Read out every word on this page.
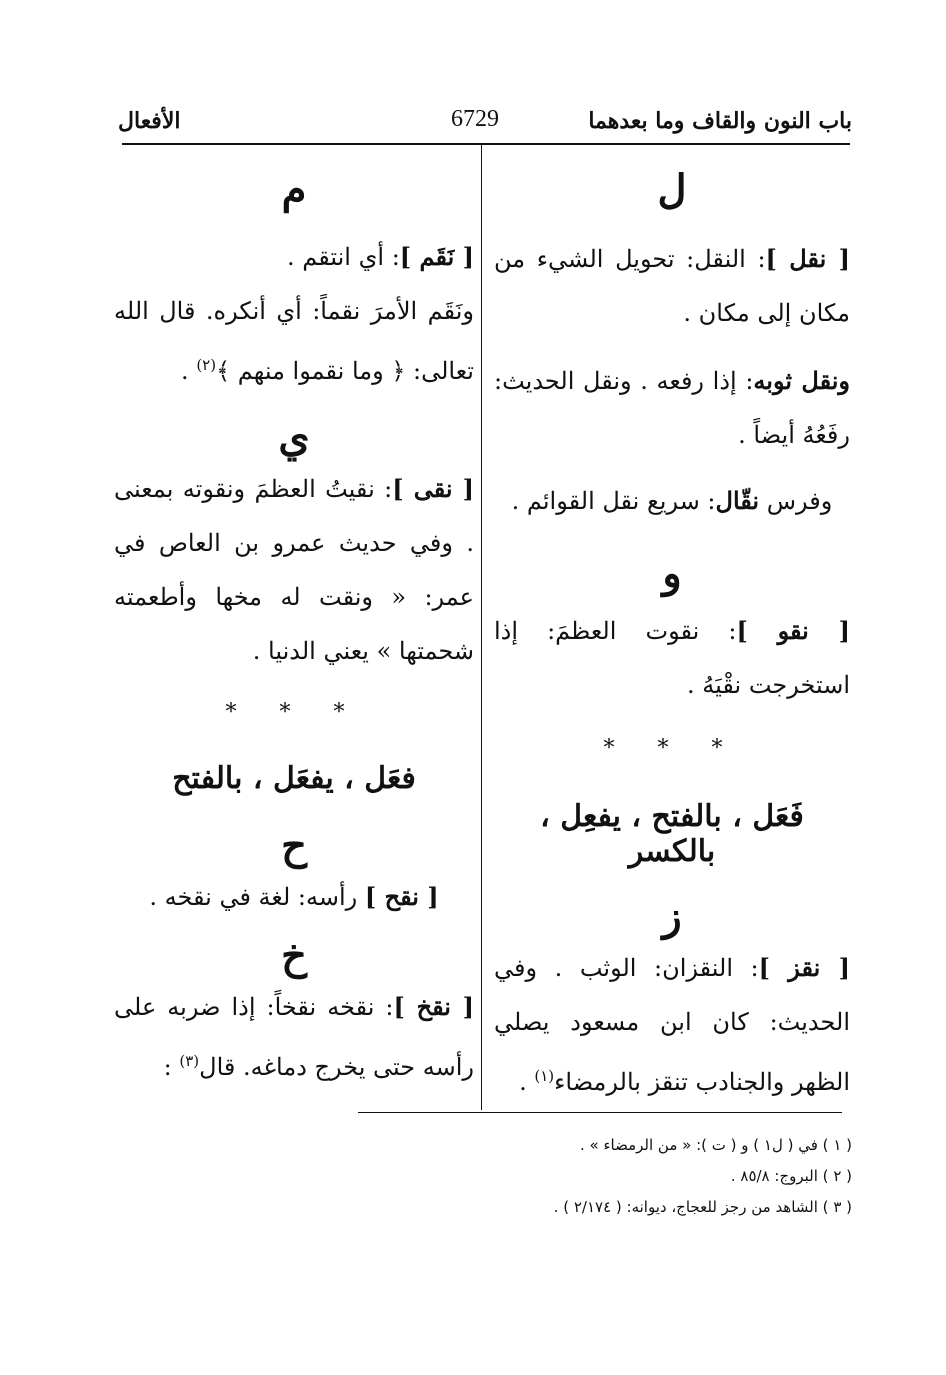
باب النون والقاف وما بعدهما
6729
الأفعال

ل

[ نقل ]: النقل: تحويل الشيء من مكان إلى مكان .

ونقل ثوبه: إذا رفعه . ونقل الحديث: رفَعُهُ أيضاً .

وفرس نقّال: سريع نقل القوائم .

و

[ نقو ]: نقوت العظمَ: إذا استخرجت نقْيَهُ .

* * *

فَعَل ، بالفتح ، يفعِل ، بالكسر

ز

[ نقز ]: النقزان: الوثب . وفي الحديث: كان ابن مسعود يصلي الظهر والجنادب تنقز بالرمضاء$^{(١)}$ .

م

[ نَقَم ]: أي انتقم .

ونَقَم الأمرَ نقماً: أي أنكره. قال الله تعالى: ﴿ وما نقموا منهم ﴾$^{(٢)}$ .

ي

[ نقى ]: نقيتُ العظمَ ونقوته بمعنى . وفي حديث عمرو بن العاص في عمر: « ونقت له مخها وأطعمته شحمتها » يعني الدنيا .

* * *

فعَل ، يفعَل ، بالفتح

ح

[ نقح ] رأسه: لغة في نقخه .

خ

[ نقخ ]: نقخه نقخاً: إذا ضربه على رأسه حتى يخرج دماغه. قال$^{(٣)}$ :

( ١ ) في ( ل١ ) و ( ت ): « من الرمضاء » .

( ٢ ) البروج: ٨٥/٨ .

( ٣ ) الشاهد من رجز للعجاج، ديوانه: ( ٢/١٧٤ ) .
